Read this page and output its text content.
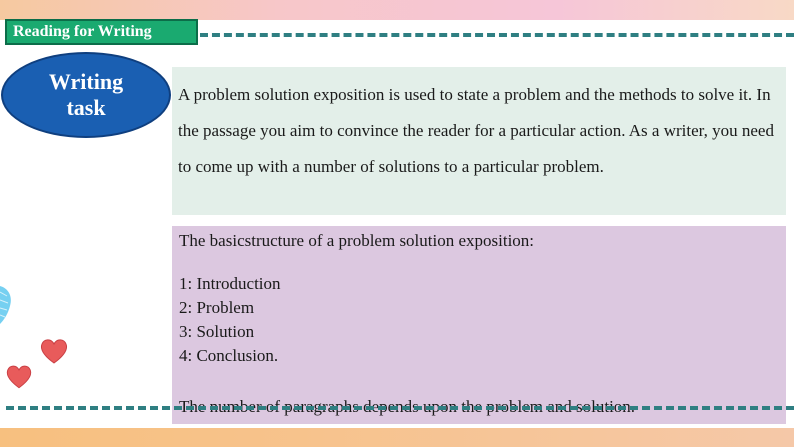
Reading for Writing
Writing task
A problem solution exposition is used to state a problem and the methods to solve it. In the passage you aim to convince the reader for a particular action. As a writer, you need to come up with a number of solutions to a particular problem.
The basicstructure of a problem solution exposition:
1: Introduction
2: Problem
3: Solution
4: Conclusion.
The number of paragraphs depends upon the problem and solution.
